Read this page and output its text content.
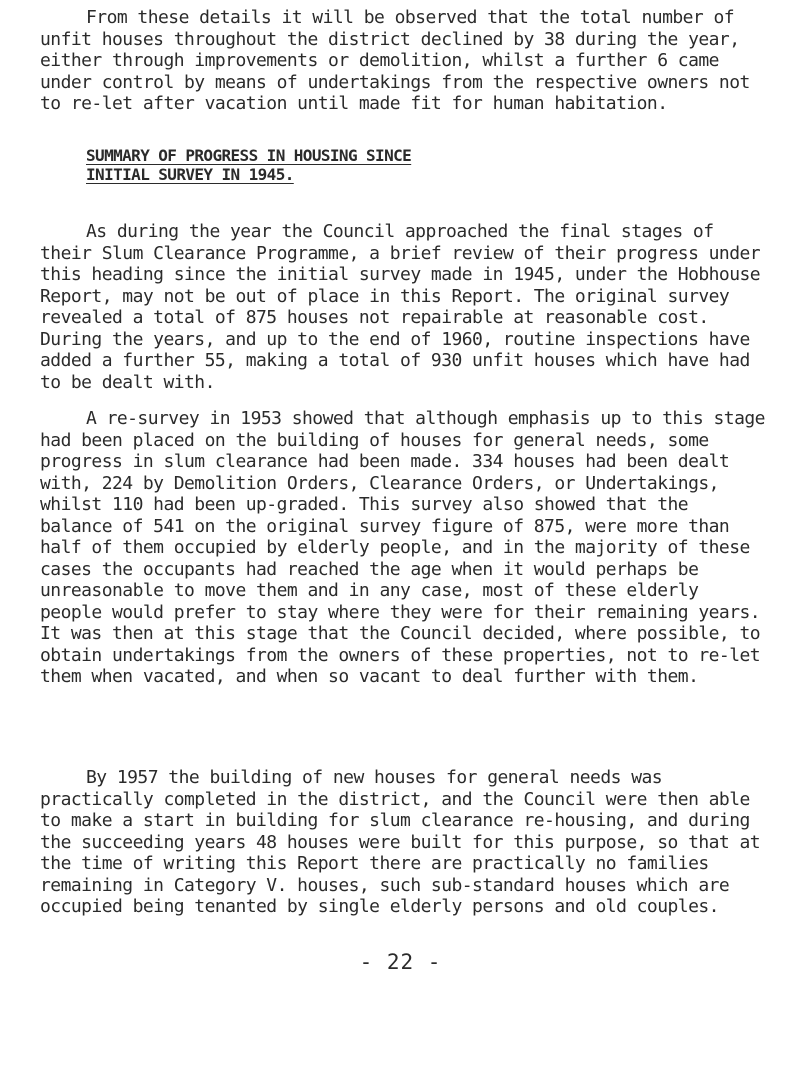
From these details it will be observed that the total number of unfit houses throughout the district declined by 38 during the year, either through improvements or demolition, whilst a further 6 came under control by means of undertakings from the respective owners not to re-let after vacation until made fit for human habitation.

SUMMARY OF PROGRESS IN HOUSING SINCE
INITIAL SURVEY IN 1945.

As during the year the Council approached the final stages of their Slum Clearance Programme, a brief review of their progress under this heading since the initial survey made in 1945, under the Hobhouse Report, may not be out of place in this Report. The original survey revealed a total of 875 houses not repairable at reasonable cost. During the years, and up to the end of 1960, routine inspections have added a further 55, making a total of 930 unfit houses which have had to be dealt with.

A re-survey in 1953 showed that although emphasis up to this stage had been placed on the building of houses for general needs, some progress in slum clearance had been made. 334 houses had been dealt with, 224 by Demolition Orders, Clearance Orders, or Undertakings, whilst 110 had been up-graded. This survey also showed that the balance of 541 on the original survey figure of 875, were more than half of them occupied by elderly people, and in the majority of these cases the occupants had reached the age when it would perhaps be unreasonable to move them and in any case, most of these elderly people would prefer to stay where they were for their remaining years. It was then at this stage that the Council decided, where possible, to obtain undertakings from the owners of these properties, not to re-let them when vacated, and when so vacant to deal further with them.

By 1957 the building of new houses for general needs was practically completed in the district, and the Council were then able to make a start in building for slum clearance re-housing, and during the succeeding years 48 houses were built for this purpose, so that at the time of writing this Report there are practically no families remaining in Category V. houses, such sub-standard houses which are occupied being tenanted by single elderly persons and old couples.

- 22 -
